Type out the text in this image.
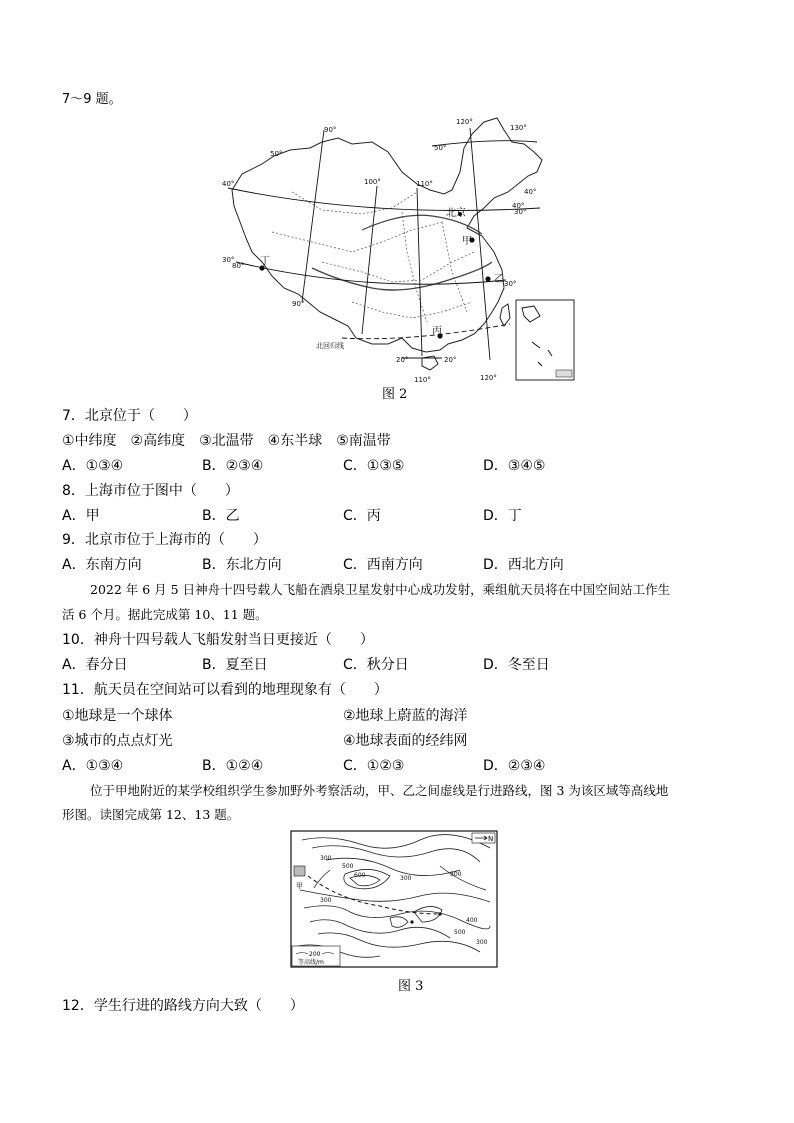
7～9 题。
90°
100°	110°
120°
130°
80°
90°
110°	120°
50°
40°
30°
20°
40°
30°
20°
30°
40°
50°
北回归线
北京
甲
乙
丙
丁
图 2
7．北京位于（　　）
①中纬度　②高纬度　③北温带　④东半球　⑤南温带
A．①③④	B．②③④	C．①③⑤	D．③④⑤
8．上海市位于图中（　　）
A．甲	B．乙	C．丙	D．丁
9．北京市位于上海市的（　　）
A．东南方向	B．东北方向	C．西南方向	D．西北方向
2022 年 6 月 5 日神舟十四号载人飞船在酒泉卫星发射中心成功发射，乘组航天员将在中国空间站工作生
活 6 个月。据此完成第 10、11 题。
10．神舟十四号载人飞船发射当日更接近（　　）
A．春分日	B．夏至日	C．秋分日	D．冬至日
11．航天员在空间站可以看到的地理现象有（　　）
①地球是一个球体	②地球上蔚蓝的海洋
③城市的点点灯光	④地球表面的经纬网
A．①③④	B．①②④	C．①②③	D．②③④
位于甲地附近的某学校组织学生参加野外考察活动，甲、乙之间虚线是行进路线，图 3 为该区域等高线地
形图。读图完成第 12、13 题。
甲
N
300
500
600	300
400
500
300
300
300
200
等高线/m
图 3
12．学生行进的路线方向大致（　　）
